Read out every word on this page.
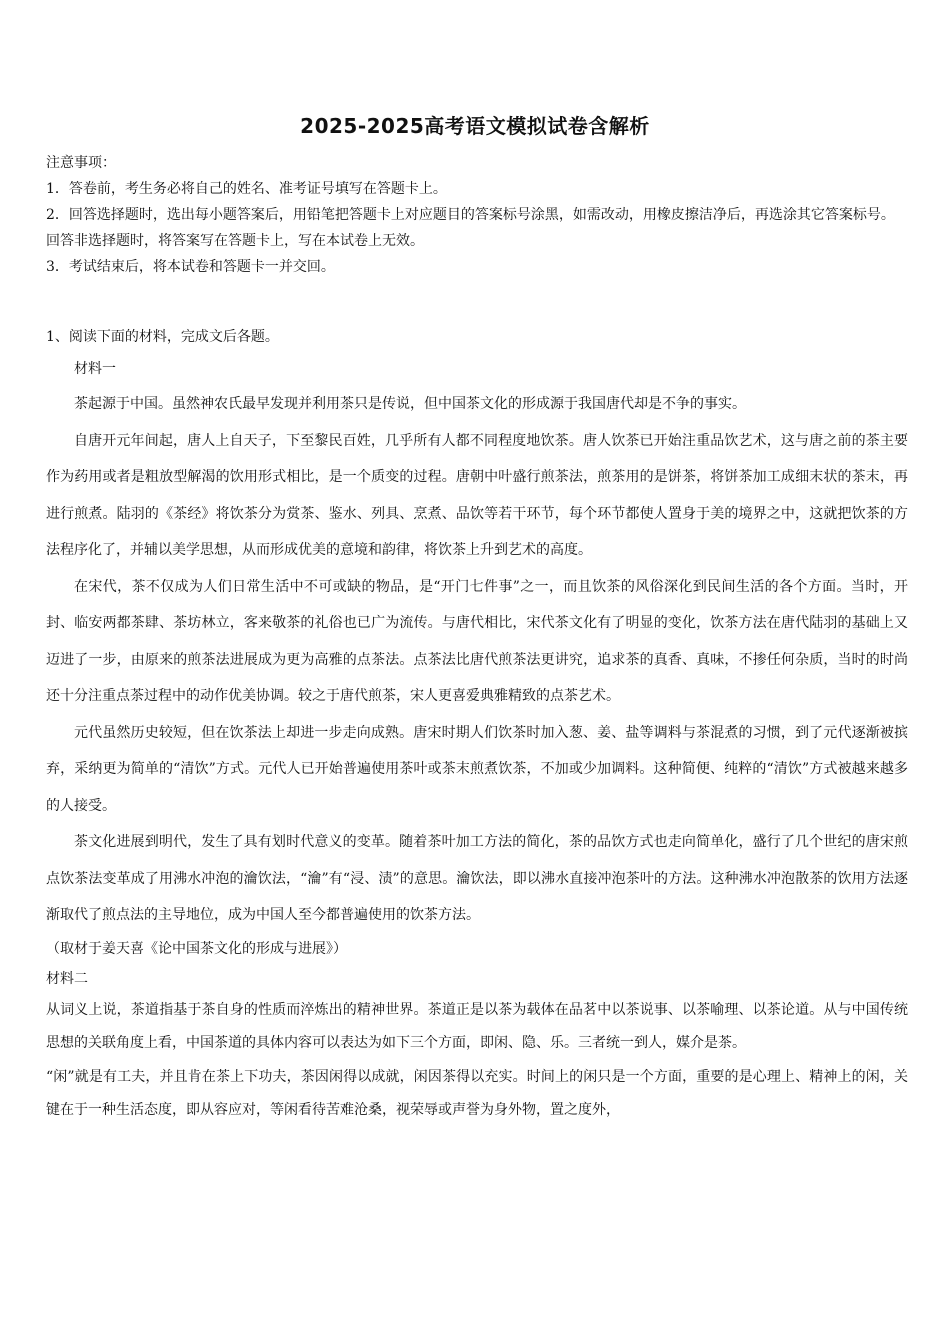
2025-2025高考语文模拟试卷含解析

注意事项：

1．答卷前，考生务必将自己的姓名、准考证号填写在答题卡上。

2．回答选择题时，选出每小题答案后，用铅笔把答题卡上对应题目的答案标号涂黑，如需改动，用橡皮擦洁净后，再选涂其它答案标号。回答非选择题时，将答案写在答题卡上，写在本试卷上无效。

3．考试结束后，将本试卷和答题卡一并交回。

1、阅读下面的材料，完成文后各题。

材料一

茶起源于中国。虽然神农氏最早发现并利用茶只是传说，但中国茶文化的形成源于我国唐代却是不争的事实。

自唐开元年间起，唐人上自天子，下至黎民百姓，几乎所有人都不同程度地饮茶。唐人饮茶已开始注重品饮艺术，这与唐之前的茶主要作为药用或者是粗放型解渴的饮用形式相比，是一个质变的过程。唐朝中叶盛行煎茶法，煎茶用的是饼茶，将饼茶加工成细末状的茶末，再进行煎煮。陆羽的《茶经》将饮茶分为赏茶、鉴水、列具、烹煮、品饮等若干环节，每个环节都使人置身于美的境界之中，这就把饮茶的方法程序化了，并辅以美学思想，从而形成优美的意境和韵律，将饮茶上升到艺术的高度。

在宋代，茶不仅成为人们日常生活中不可或缺的物品，是“开门七件事”之一，而且饮茶的风俗深化到民间生活的各个方面。当时，开封、临安两都茶肆、茶坊林立，客来敬茶的礼俗也已广为流传。与唐代相比，宋代茶文化有了明显的变化，饮茶方法在唐代陆羽的基础上又迈进了一步，由原来的煎茶法进展成为更为高雅的点茶法。点茶法比唐代煎茶法更讲究，追求茶的真香、真味，不掺任何杂质，当时的时尚还十分注重点茶过程中的动作优美协调。较之于唐代煎茶，宋人更喜爱典雅精致的点茶艺术。

元代虽然历史较短，但在饮茶法上却进一步走向成熟。唐宋时期人们饮茶时加入葱、姜、盐等调料与茶混煮的习惯，到了元代逐渐被摈弃，采纳更为简单的“清饮”方式。元代人已开始普遍使用茶叶或茶末煎煮饮茶，不加或少加调料。这种简便、纯粹的“清饮”方式被越来越多的人接受。

茶文化进展到明代，发生了具有划时代意义的变革。随着茶叶加工方法的简化，茶的品饮方式也走向简单化，盛行了几个世纪的唐宋煎点饮茶法变革成了用沸水冲泡的瀹饮法，“瀹”有“浸、渍”的意思。瀹饮法，即以沸水直接冲泡茶叶的方法。这种沸水冲泡散茶的饮用方法逐渐取代了煎点法的主导地位，成为中国人至今都普遍使用的饮茶方法。

（取材于姜天喜《论中国茶文化的形成与进展》）

材料二

从词义上说，茶道指基于茶自身的性质而淬炼出的精神世界。茶道正是以茶为载体在品茗中以茶说事、以茶喻理、以茶论道。从与中国传统思想的关联角度上看，中国茶道的具体内容可以表达为如下三个方面，即闲、隐、乐。三者统一到人，媒介是茶。

“闲”就是有工夫，并且肯在茶上下功夫，茶因闲得以成就，闲因茶得以充实。时间上的闲只是一个方面，重要的是心理上、精神上的闲，关键在于一种生活态度，即从容应对，等闲看待苦难沧桑，视荣辱或声誉为身外物，置之度外，
